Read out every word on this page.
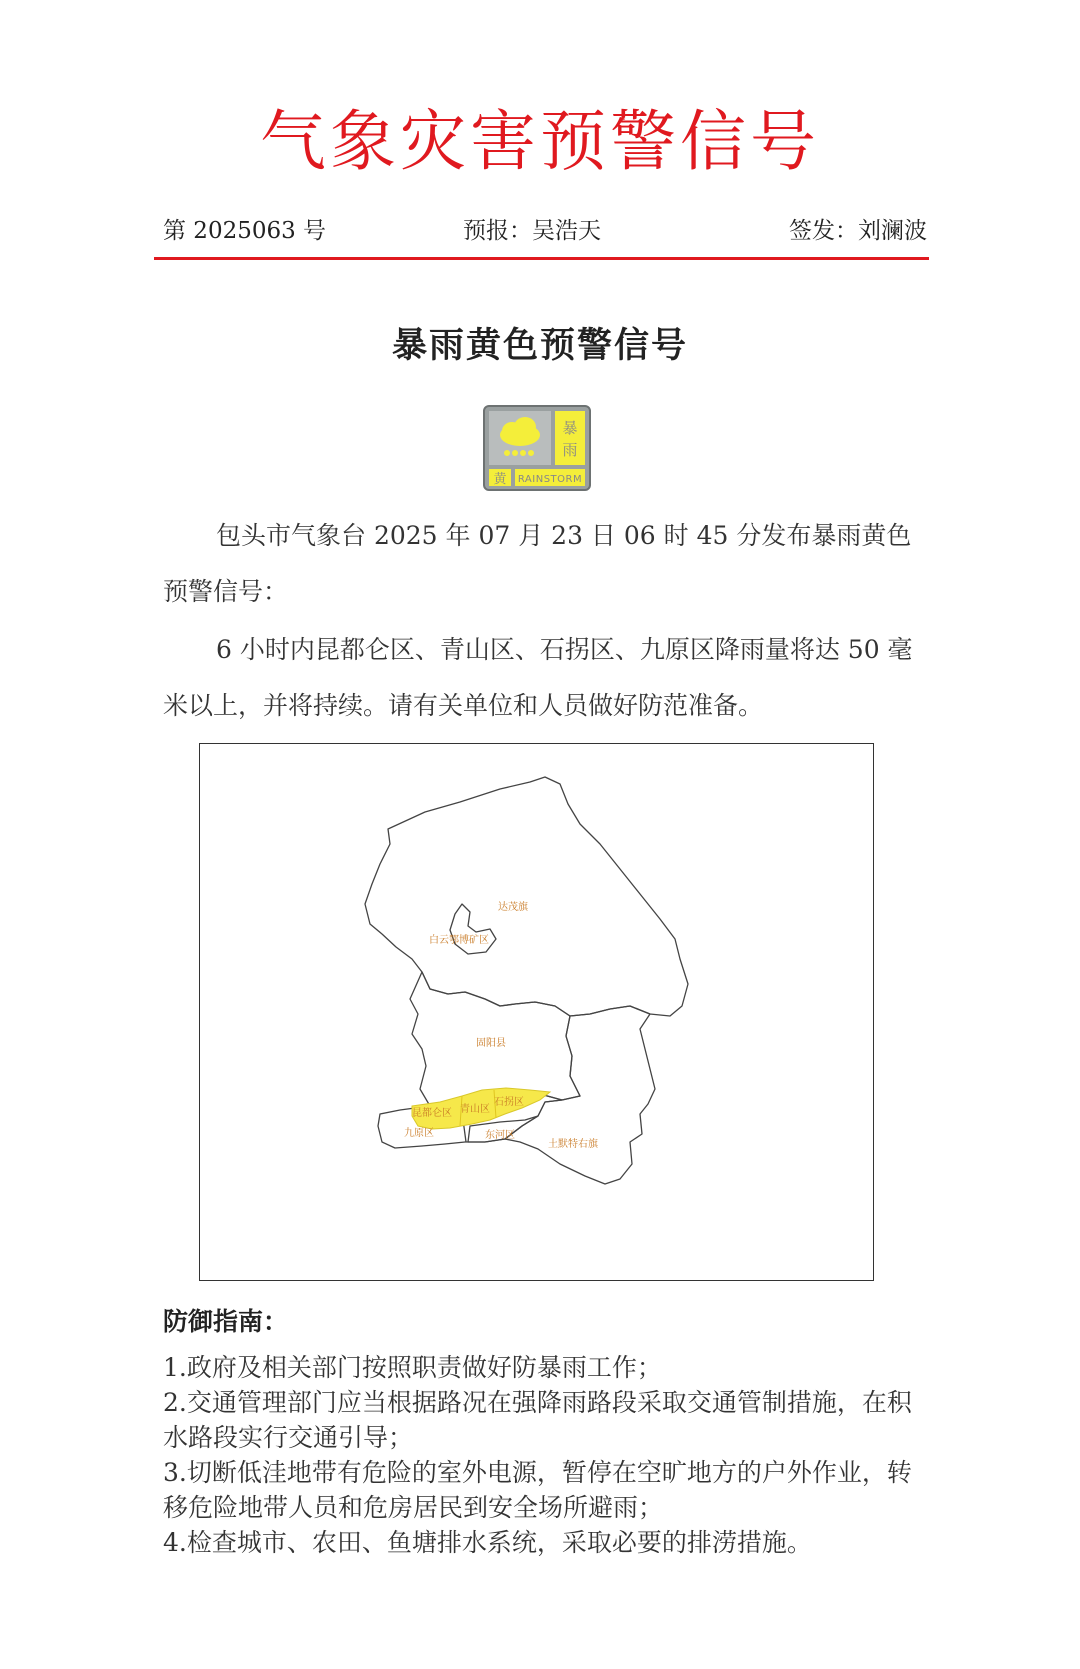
气象灾害预警信号
第 2025063 号	预报：吴浩天	签发：刘澜波
暴雨黄色预警信号
暴
雨
黄 RAINSTORM

包头市气象台 2025 年 07 月 23 日 06 时 45 分发布暴雨黄色预警信号：

6 小时内昆都仑区、青山区、石拐区、九原区降雨量将达 50 毫米以上，并将持续。请有关单位和人员做好防范准备。

达茂旗
白云鄂博矿区
固阳县
石拐区
昆都仑区 青山区
九原区	东河区
土默特右旗
防御指南：
1.政府及相关部门按照职责做好防暴雨工作；
2.交通管理部门应当根据路况在强降雨路段采取交通管制措施，在积水路段实行交通引导；
3.切断低洼地带有危险的室外电源，暂停在空旷地方的户外作业，转移危险地带人员和危房居民到安全场所避雨；
4.检查城市、农田、鱼塘排水系统，采取必要的排涝措施。
